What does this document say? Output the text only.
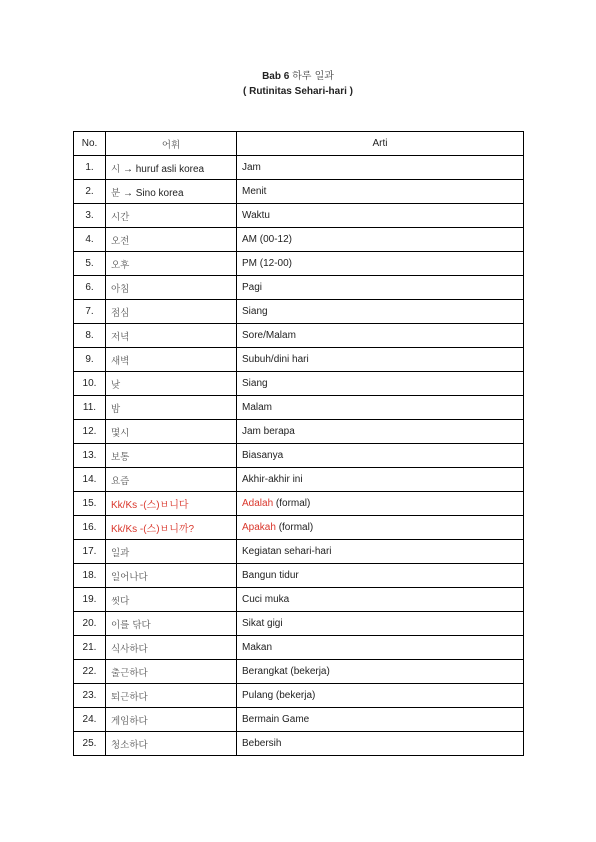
Bab 6 하루 일과
( Rutinitas Sehari-hari )
No.	어휘	Arti
1.	시 → huruf asli korea	Jam
2.	분 → Sino korea	Menit
3.	시간	Waktu
4.	오전	AM (00-12)
5.	오후	PM (12-00)
6.	아침	Pagi
7.	점심	Siang
8.	저녁	Sore/Malam
9.	새벽	Subuh/dini hari
10.	낮	Siang
11.	밤	Malam
12.	몇시	Jam berapa
13.	보통	Biasanya
14.	요즘	Akhir-akhir ini
15.	Kk/Ks -(스)ㅂ니다	Adalah (formal)
16.	Kk/Ks -(스)ㅂ니까?	Apakah (formal)
17.	일과	Kegiatan sehari-hari
18.	일어나다	Bangun tidur
19.	씻다	Cuci muka
20.	이를 닦다	Sikat gigi
21.	식사하다	Makan
22.	출근하다	Berangkat (bekerja)
23.	퇴근하다	Pulang (bekerja)
24.	게임하다	Bermain Game
25.	청소하다	Bebersih
